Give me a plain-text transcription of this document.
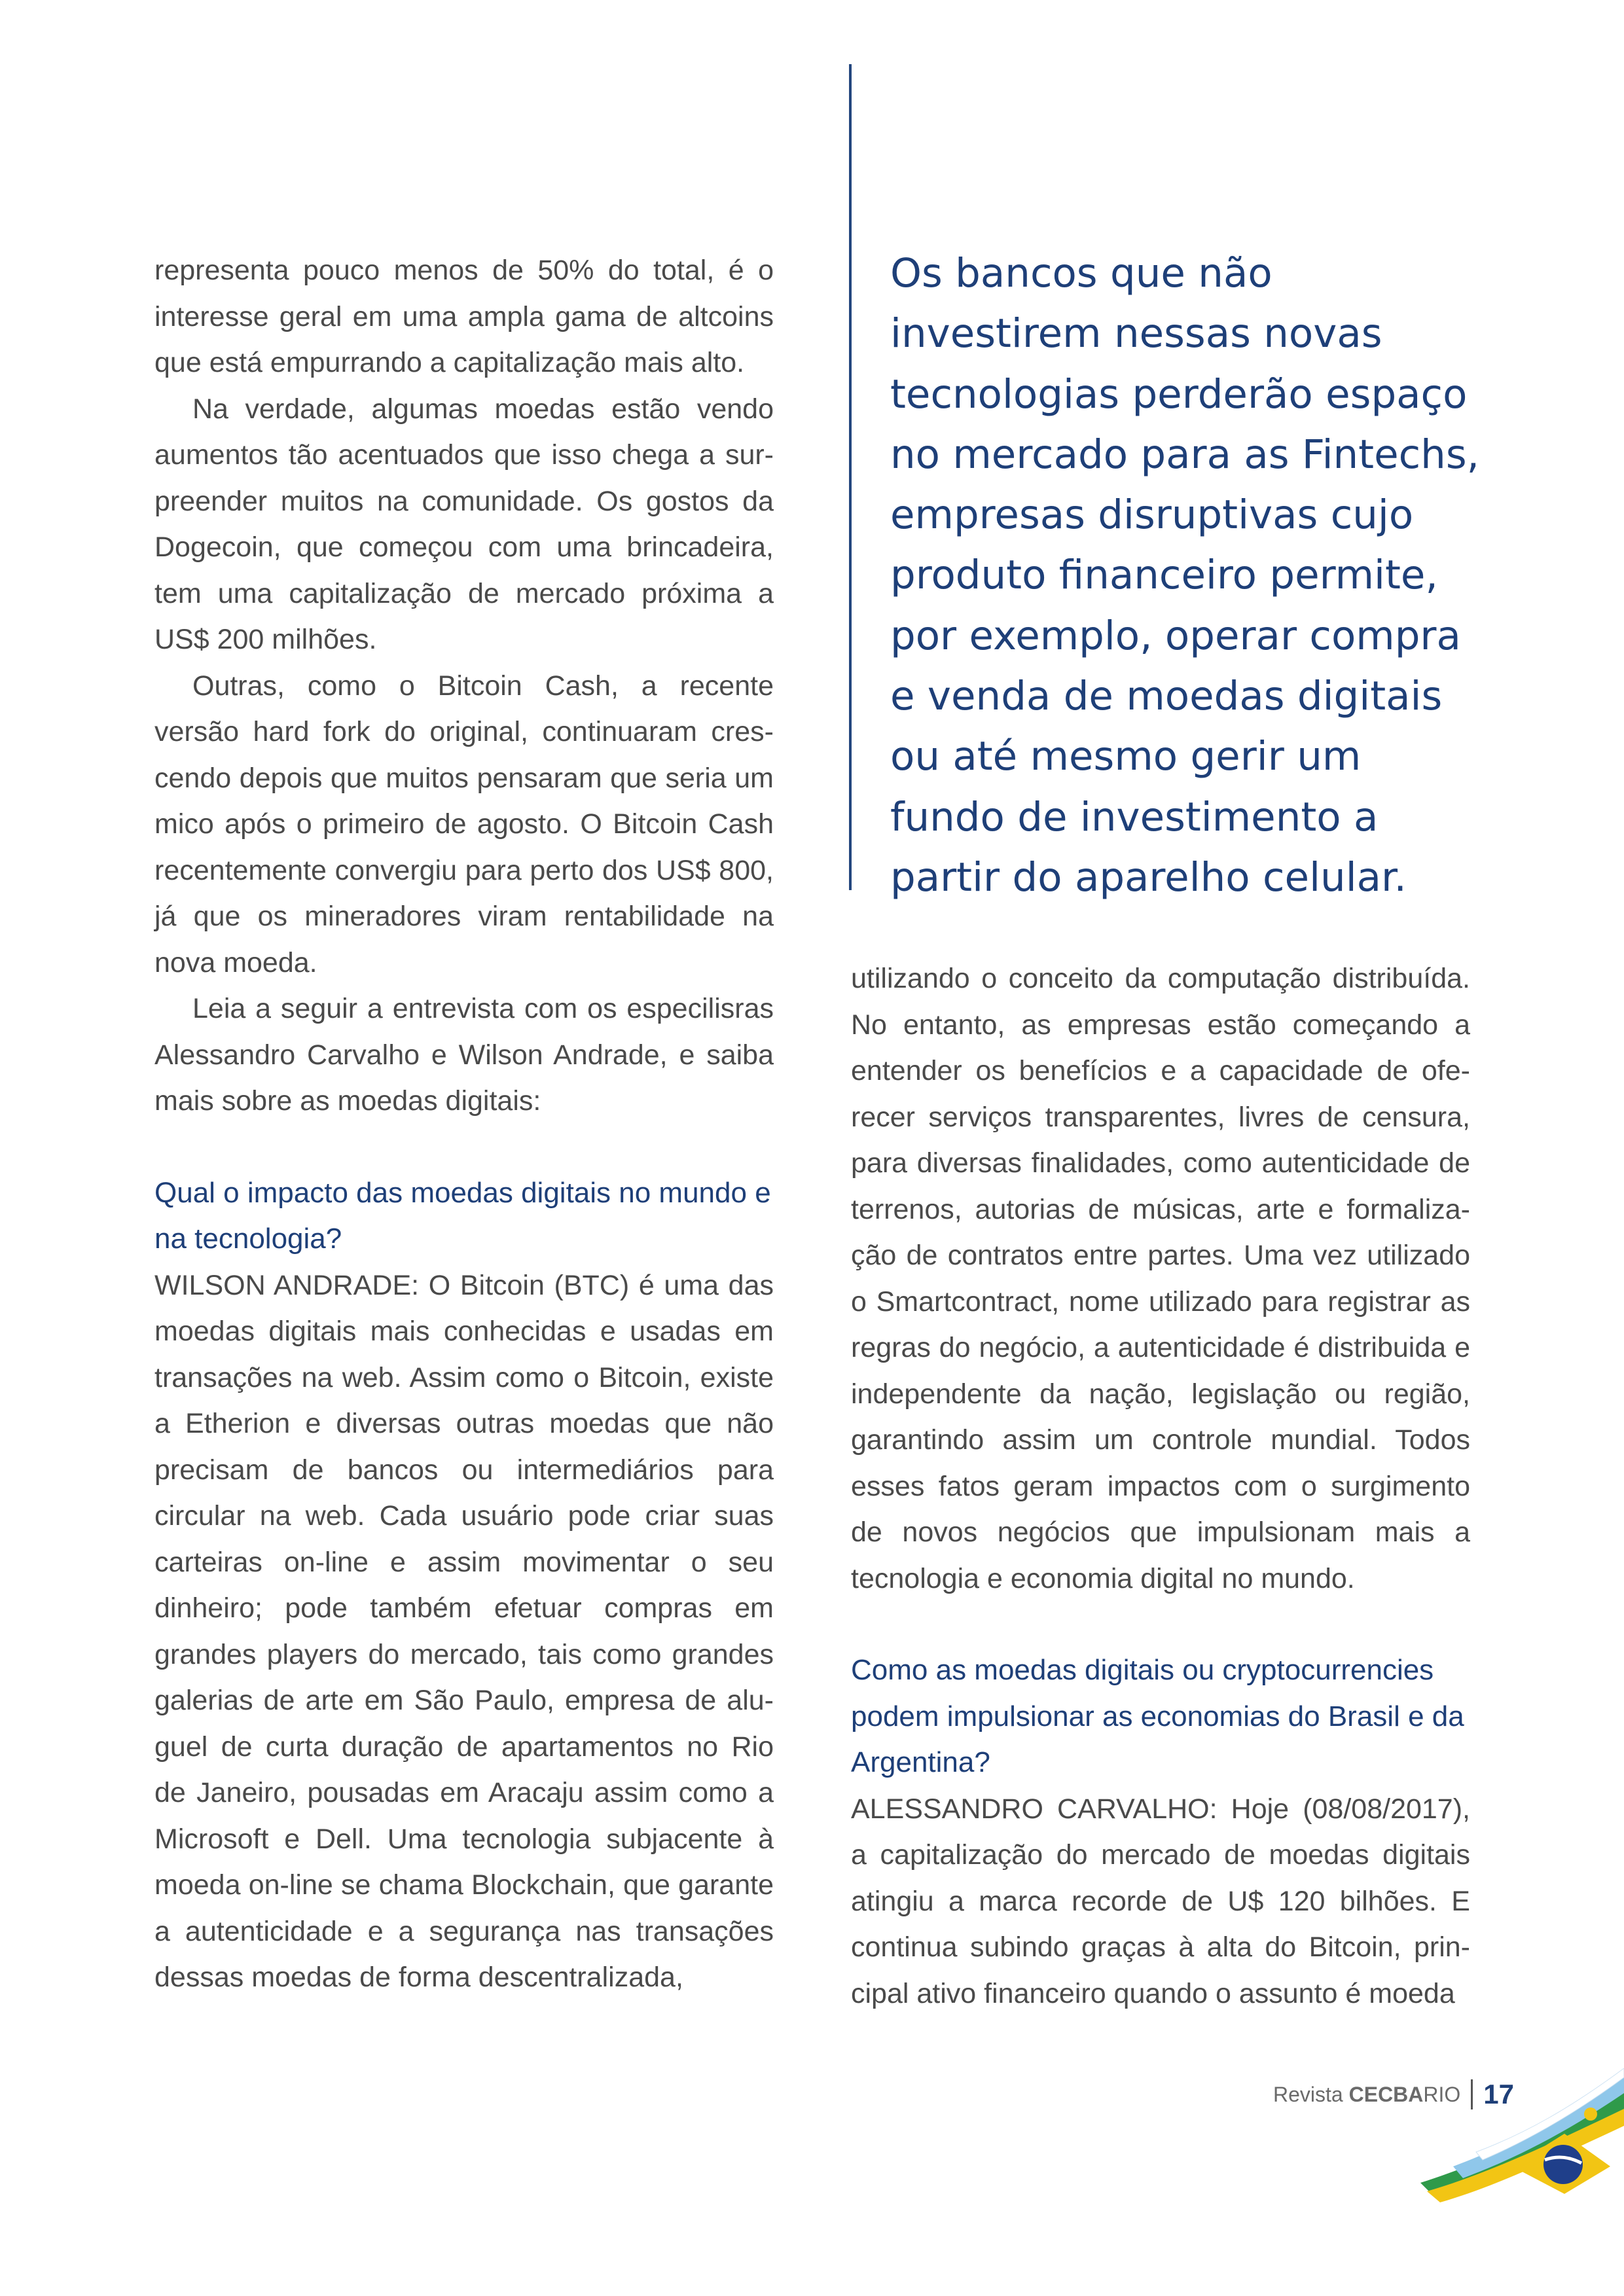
representa pouco menos de 50% do total, é o interesse geral em uma ampla gama de altcoins que está empurrando a capitalização mais alto.

Na verdade, algumas moedas estão vendo aumentos tão acentuados que isso chega a surpreender muitos na comunidade. Os gostos da Dogecoin, que começou com uma brincadeira, tem uma capitalização de mercado próxima a US$ 200 milhões.

Outras, como o Bitcoin Cash, a recente versão hard fork do original, continuaram crescendo depois que muitos pensaram que seria um mico após o primeiro de agosto. O Bitcoin Cash recentemente convergiu para perto dos US$ 800, já que os mineradores viram rentabilidade na nova moeda.

Leia a seguir a entrevista com os especilisras Alessandro Carvalho e Wilson Andrade, e saiba mais sobre as moedas digitais:

Qual o impacto das moedas digitais no mundo e na tecnologia?

WILSON ANDRADE: O Bitcoin (BTC) é uma das moedas digitais mais conhecidas e usadas em transações na web. Assim como o Bitcoin, existe a Etherion e diversas outras moedas que não precisam de bancos ou intermediários para circular na web. Cada usuário pode criar suas carteiras on-line e assim movimentar o seu dinheiro; pode também efetuar compras em grandes players do mercado, tais como grandes galerias de arte em São Paulo, empresa de aluguel de curta duração de apartamentos no Rio de Janeiro, pousadas em Aracaju assim como a Microsoft e Dell. Uma tecnologia subjacente à moeda on-line se chama Blockchain, que garante a autenticidade e a segurança nas transações dessas moedas de forma descentralizada,

Os bancos que não investirem nessas novas tecnologias perderão espaço no mercado para as Fintechs, empresas disruptivas cujo produto financeiro permite, por exemplo, operar compra e venda de moedas digitais ou até mesmo gerir um fundo de investimento a partir do aparelho celular.

utilizando o conceito da computação distribuída. No entanto, as empresas estão começando a entender os benefícios e a capacidade de oferecer serviços transparentes, livres de censura, para diversas finalidades, como autenticidade de terrenos, autorias de músicas, arte e formalização de contratos entre partes. Uma vez utilizado o Smartcontract, nome utilizado para registrar as regras do negócio, a autenticidade é distribuida e independente da nação, legislação ou região, garantindo assim um controle mundial. Todos esses fatos geram impactos com o surgimento de novos negócios que impulsionam mais a tecnologia e economia digital no mundo.

Como as moedas digitais ou cryptocurrencies podem impulsionar as economias do Brasil e da Argentina?

ALESSANDRO CARVALHO: Hoje (08/08/2017), a capitalização do mercado de moedas digitais atingiu a marca recorde de U$ 120 bilhões. E continua subindo graças à alta do Bitcoin, principal ativo financeiro quando o assunto é moeda

Revista CECBARIO 17
